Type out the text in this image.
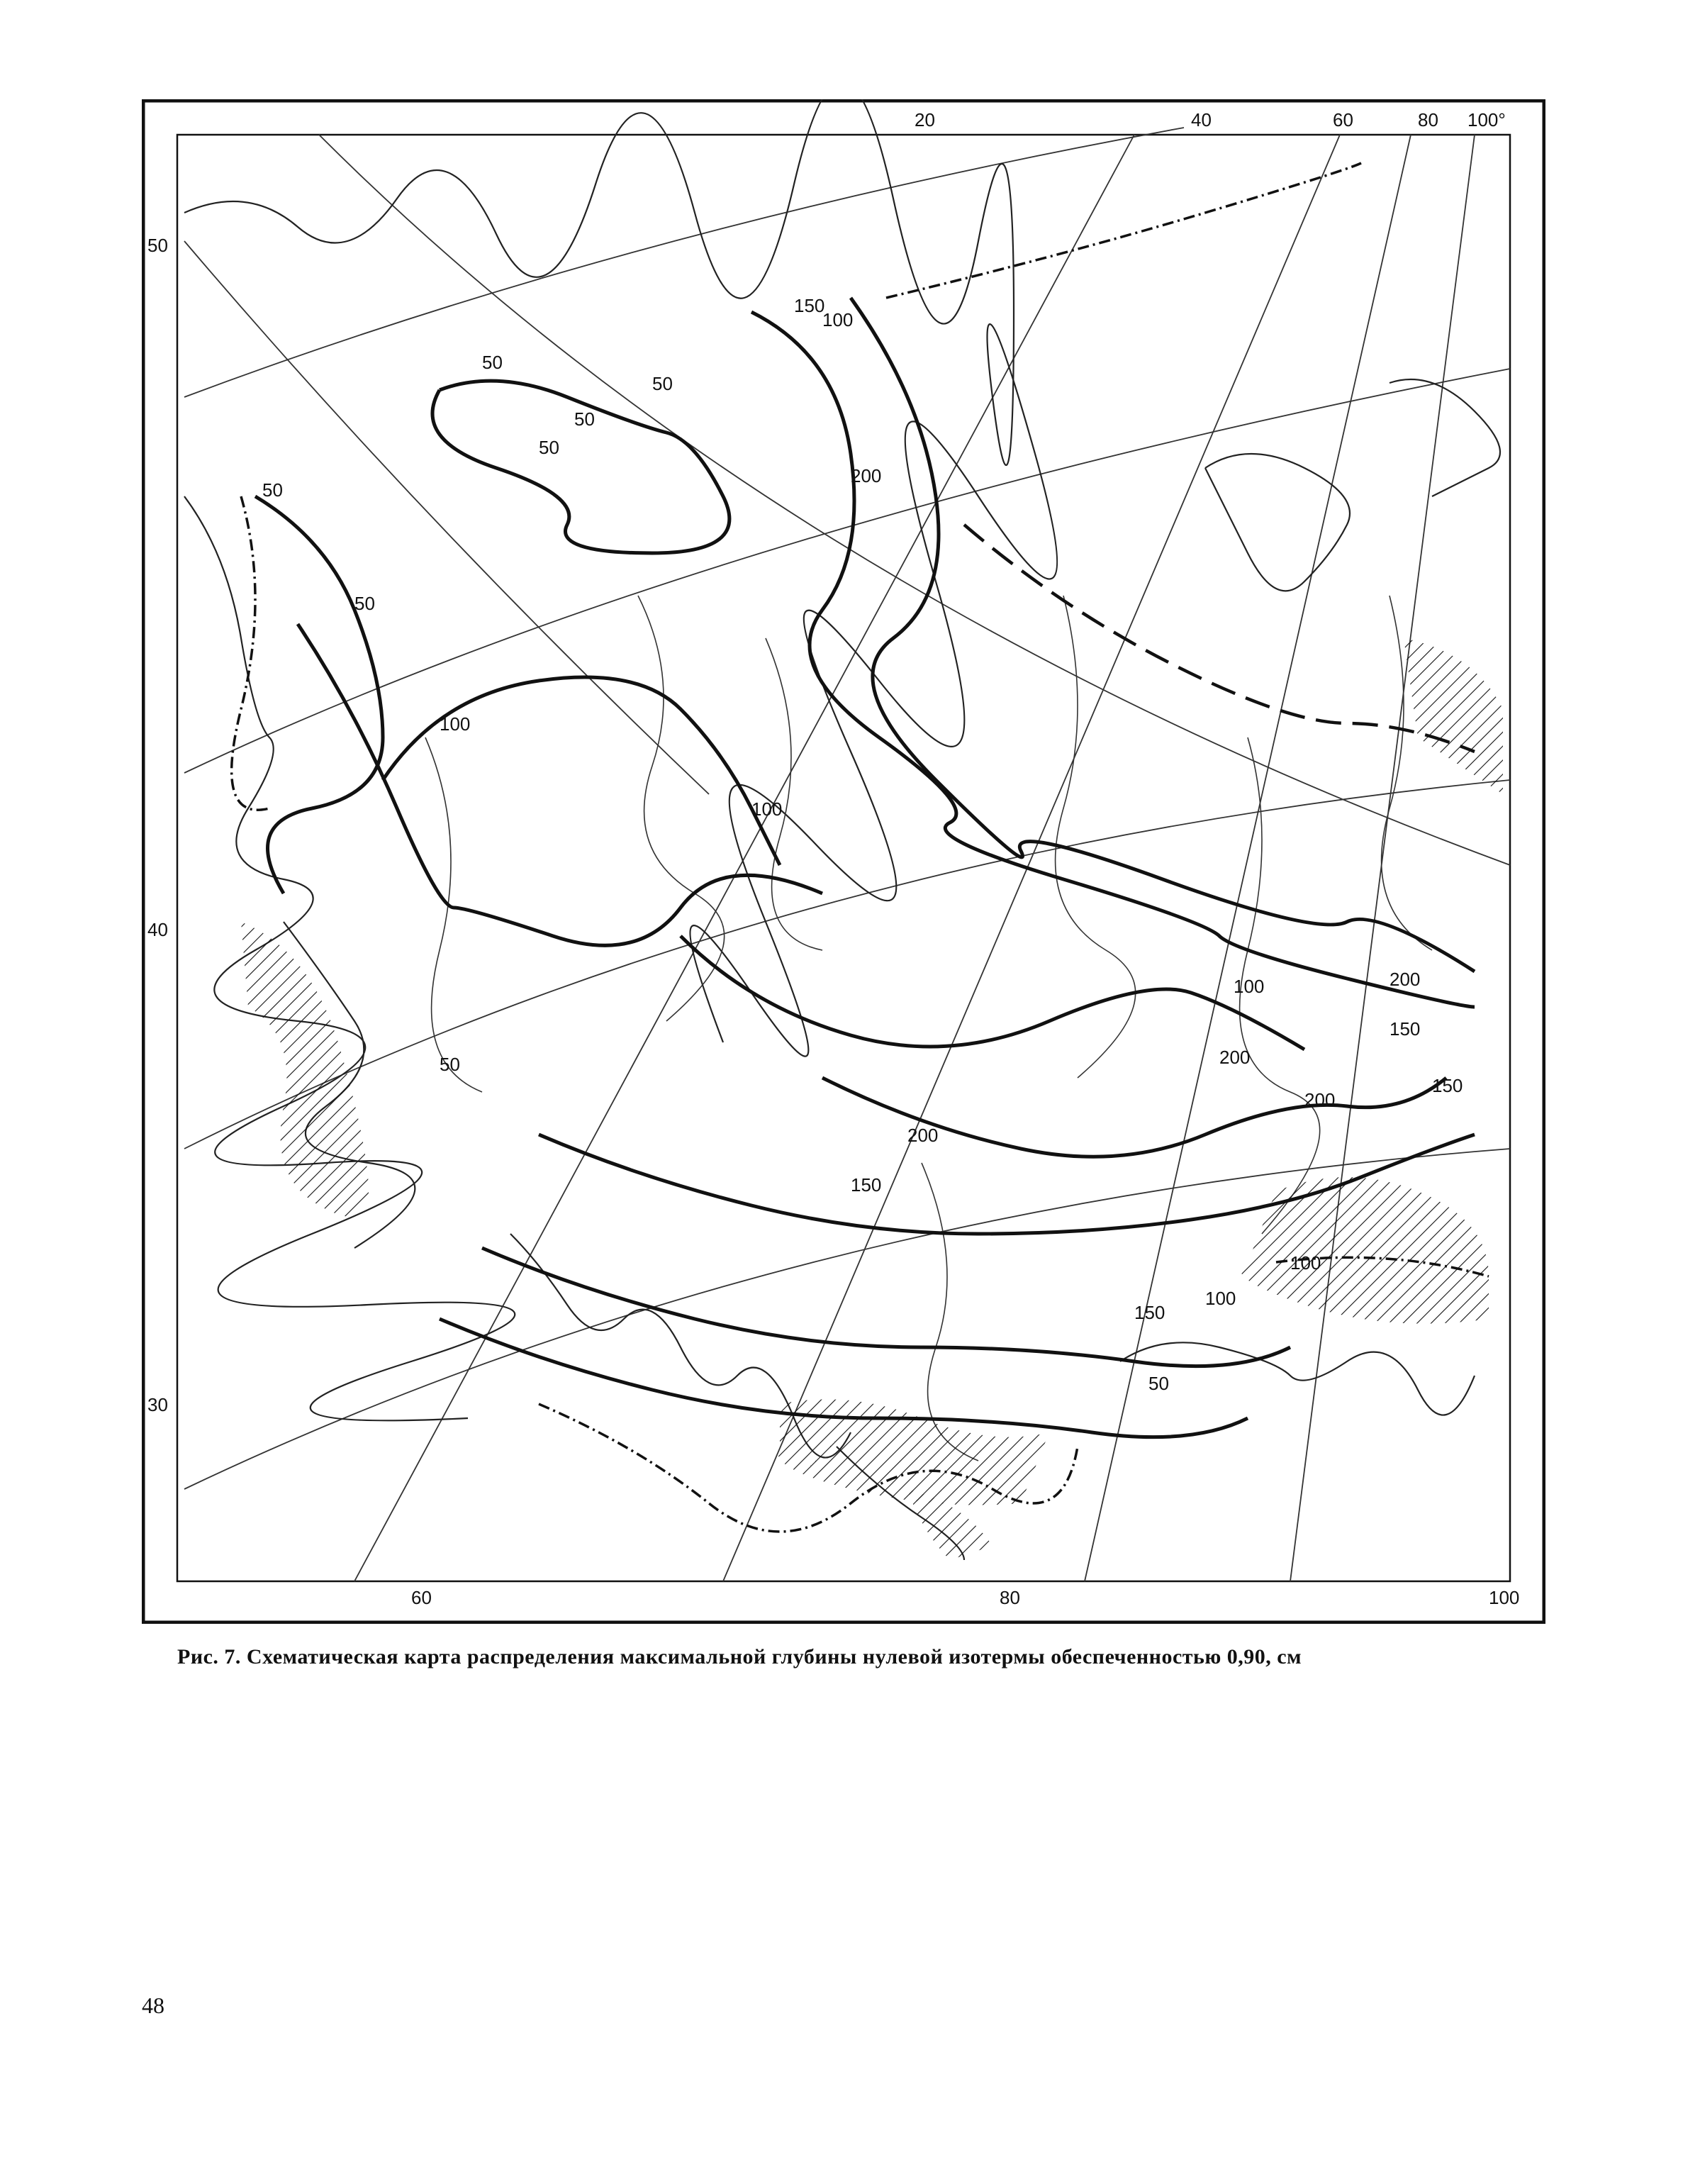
50
50
50
50
50
50
100
100
100
100
100
150
150
150
150
150
200
200
200
200
200
50
100
50
20	40	60	80 100°
60	80	100
50
40
30
Рис. 7. Схематическая карта распределения максимальной глубины нулевой изотермы обеспеченностью 0,90, см
48
